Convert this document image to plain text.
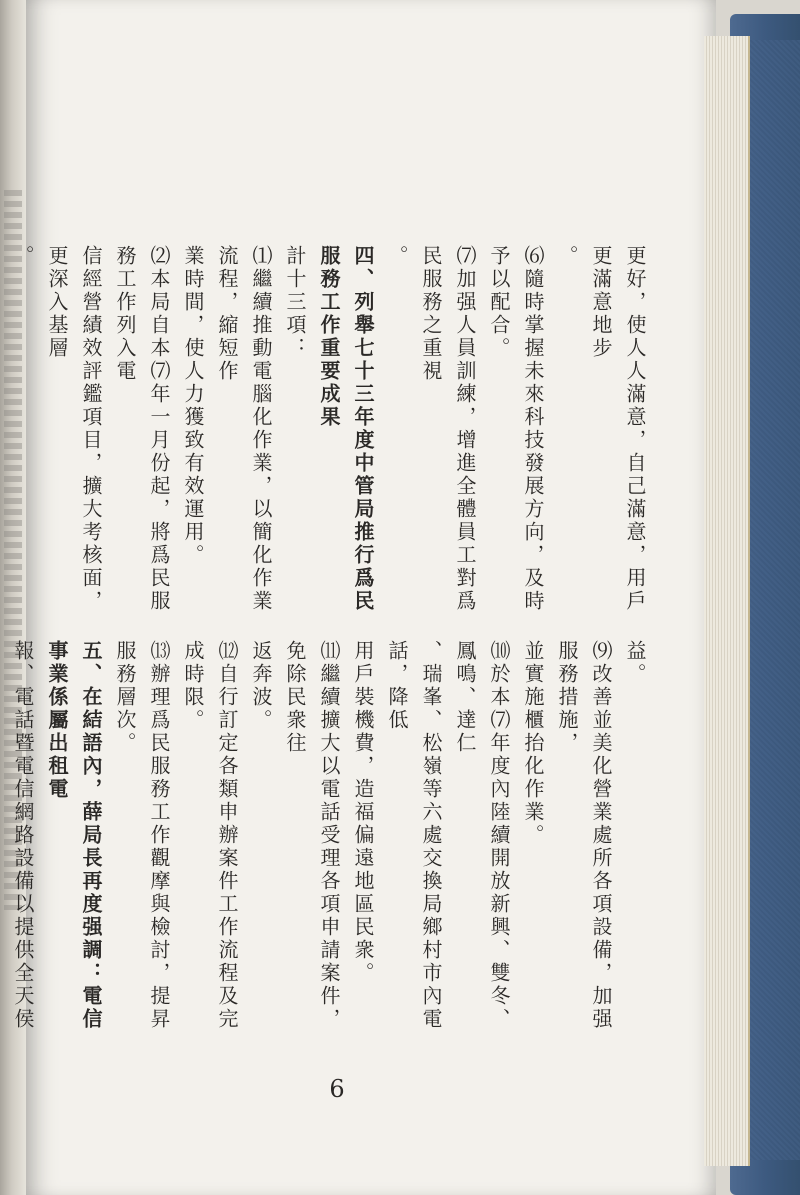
更好，使人人滿意，自己滿意，用戶更滿意地步
。
⑹隨時掌握未來科技發展方向，及時予以配合。
⑺加强人員訓練，增進全體員工對爲民服務之重視
。
四、列舉七十三年度中管局推行爲民服務工作重要成果
計十三項：
⑴繼續推動電腦化作業，以簡化作業流程，縮短作
業時間，使人力獲致有效運用。
⑵本局自本⑺年一月份起，將爲民服務工作列入電
信經營績效評鑑項目，擴大考核面，更深入基層
。
益。
⑼改善並美化營業處所各項設備，加强服務措施，
並實施櫃抬化作業。
⑽於本⑺年度內陸續開放新興、雙冬、鳳鳴、達仁
、瑞峯、松嶺等六處交換局鄉村市內電話，降低
用戶裝機費，造福偏遠地區民衆。
⑾繼續擴大以電話受理各項申請案件，免除民衆往
返奔波。
⑿自行訂定各類申辦案件工作流程及完成時限。
⒀辦理爲民服務工作觀摩與檢討，提昇服務層次。
五、在結語內，薛局長再度强調：電信事業係屬出租電
報、電話暨電信網路設備以提供全天侯
6
